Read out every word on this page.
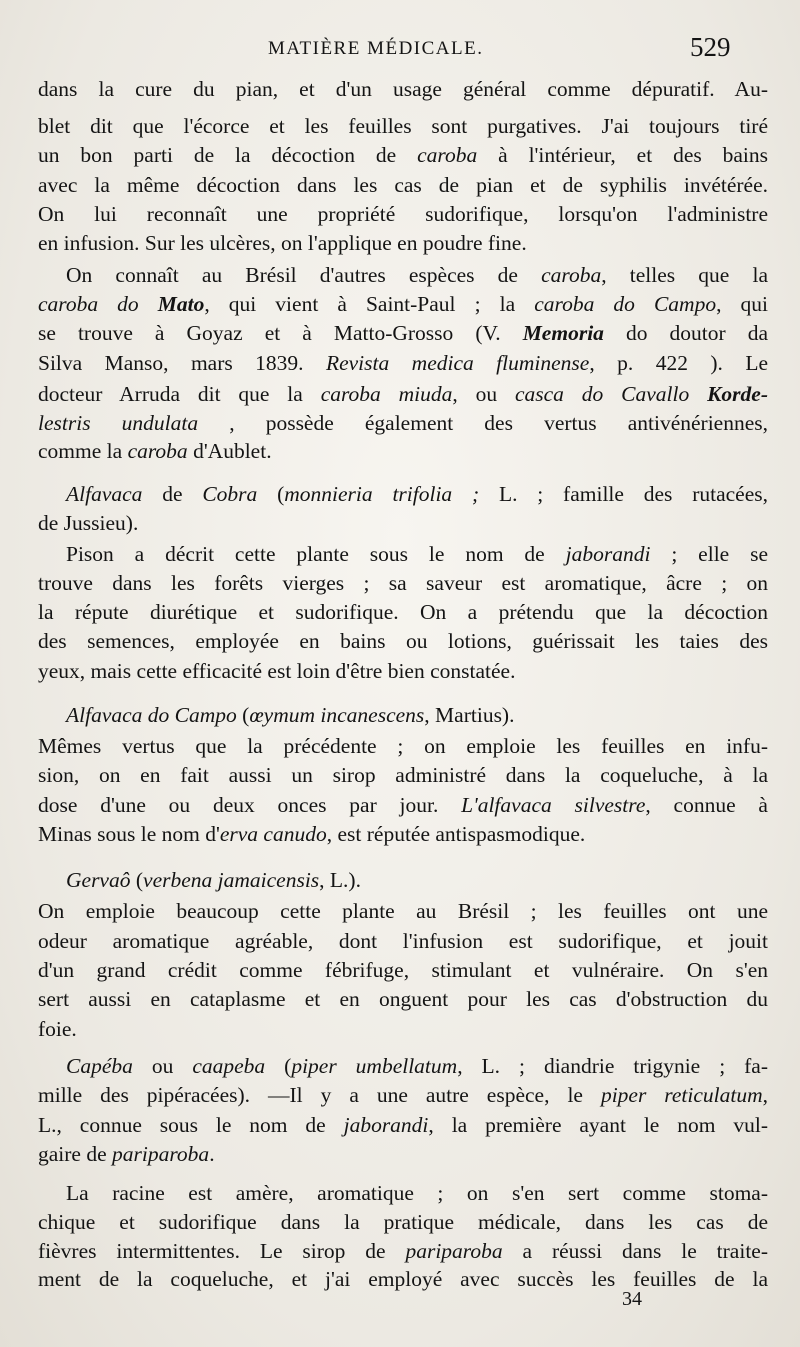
MATIÈRE MÉDICALE.	529
dans la cure du pian, et d'un usage général comme dépuratif. Au-
blet dit que l'écorce et les feuilles sont purgatives. J'ai toujours tiré
un bon parti de la décoction de caroba à l'intérieur, et des bains
avec la même décoction dans les cas de pian et de syphilis invétérée.
On lui reconnaît une propriété sudorifique, lorsqu'on l'administre
en infusion. Sur les ulcères, on l'applique en poudre fine.
On connaît au Brésil d'autres espèces de caroba, telles que la
caroba do Mato, qui vient à Saint-Paul ; la caroba do Campo, qui
se trouve à Goyaz et à Matto-Grosso (V. Memoria do doutor da
Silva Manso, mars 1839. Revista medica fluminense, p. 422 ). Le
docteur Arruda dit que la caroba miuda, ou casca do Cavallo Korde-
lestris undulata , possède également des vertus antivénériennes,
comme la caroba d'Aublet.
Alfavaca de Cobra (monnieria trifolia ; L. ; famille des rutacées,
de Jussieu).
Pison a décrit cette plante sous le nom de jaborandi ; elle se
trouve dans les forêts vierges ; sa saveur est aromatique, âcre ; on
la répute diurétique et sudorifique. On a prétendu que la décoction
des semences, employée en bains ou lotions, guérissait les taies des
yeux, mais cette efficacité est loin d'être bien constatée.
Alfavaca do Campo (œymum incanescens, Martius).
Mêmes vertus que la précédente ; on emploie les feuilles en infu-
sion, on en fait aussi un sirop administré dans la coqueluche, à la
dose d'une ou deux onces par jour. L'alfavaca silvestre, connue à
Minas sous le nom d'erva canudo, est réputée antispasmodique.
Gervaô (verbena jamaicensis, L.).
On emploie beaucoup cette plante au Brésil ; les feuilles ont une
odeur aromatique agréable, dont l'infusion est sudorifique, et jouit
d'un grand crédit comme fébrifuge, stimulant et vulnéraire. On s'en
sert aussi en cataplasme et en onguent pour les cas d'obstruction du
foie.
Capéba ou caapeba (piper umbellatum, L. ; diandrie trigynie ; fa-
mille des pipéracées). —Il y a une autre espèce, le piper reticulatum,
L., connue sous le nom de jaborandi, la première ayant le nom vul-
gaire de pariparoba.
La racine est amère, aromatique ; on s'en sert comme stoma-
chique et sudorifique dans la pratique médicale, dans les cas de
fièvres intermittentes. Le sirop de pariparoba a réussi dans le traite-
ment de la coqueluche, et j'ai employé avec succès les feuilles de la
34
